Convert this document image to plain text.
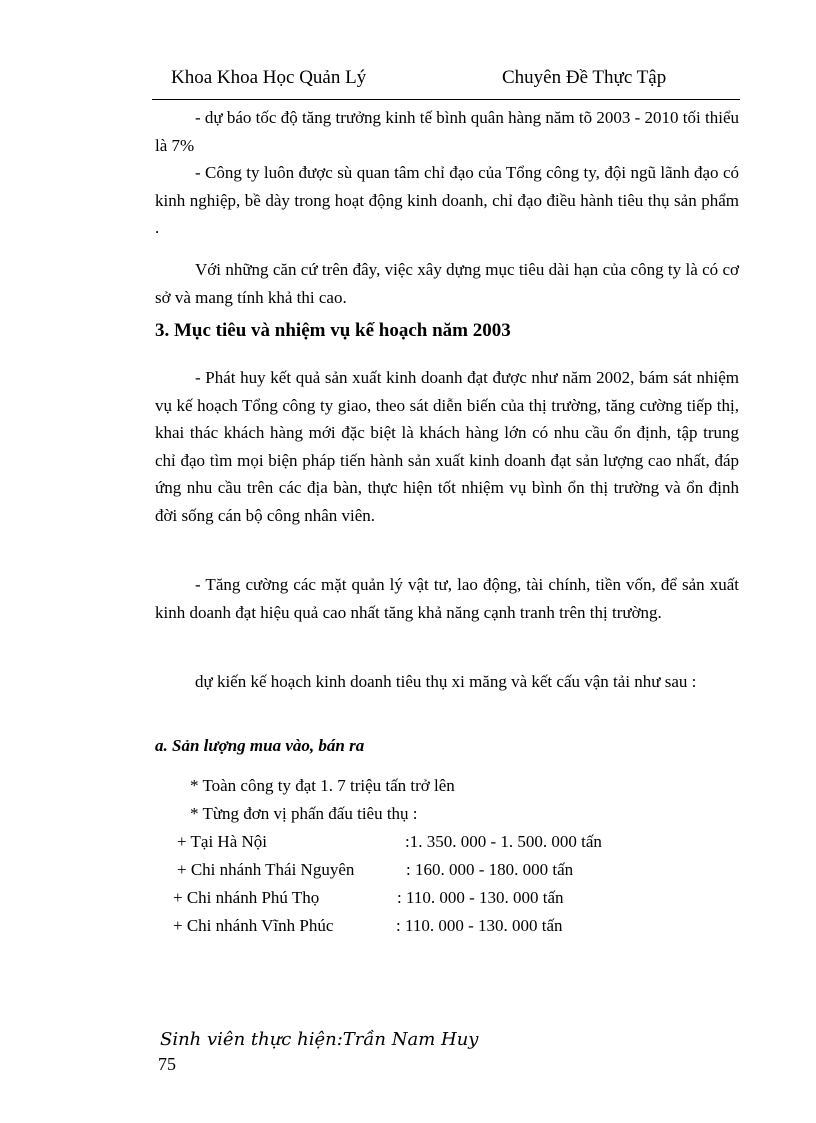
Khoa Khoa Học Quản Lý	Chuyên Đề Thực Tập

- dự báo tốc độ tăng trưởng kinh tế bình quân hàng năm tõ 2003 - 2010 tối thiểu là 7%

- Công ty luôn được sù quan tâm chỉ đạo của Tổng công ty, đội ngũ lãnh đạo có kinh nghiệp, bề dày trong hoạt động kinh doanh, chỉ đạo điều hành tiêu thụ sản phẩm .

Với những căn cứ trên đây, việc xây dựng mục tiêu dài hạn của công ty là có cơ sở và mang tính khả thi cao.

3. Mục tiêu và nhiệm vụ kế hoạch năm 2003

- Phát huy kết quả sản xuất kinh doanh đạt được như năm 2002, bám sát nhiệm vụ kế hoạch Tổng công ty giao, theo sát diễn biến của thị trường, tăng cường tiếp thị, khai thác khách hàng mới đặc biệt là khách hàng lớn có nhu cầu ổn định, tập trung chỉ đạo tìm mọi biện pháp tiến hành sản xuất kinh doanh đạt sản lượng cao nhất, đáp ứng nhu cầu trên các địa bàn, thực hiện tốt nhiệm vụ bình ổn thị trường và ổn định đời sống cán bộ công nhân viên.

- Tăng cường các mặt quản lý vật tư, lao động, tài chính, tiền vốn, để sản xuất kinh doanh đạt hiệu quả cao nhất tăng khả năng cạnh tranh trên thị trường.

dự kiến kế hoạch kinh doanh tiêu thụ xi măng và kết cấu vận tải như sau :

a. Sản lượng mua vào, bán ra
* Toàn công ty đạt 1. 7 triệu tấn trở lên
* Từng đơn vị phấn đấu tiêu thụ :
+ Tại Hà Nội	:1. 350. 000 - 1. 500. 000 tấn
+ Chi nhánh Thái Nguyên	: 160. 000 - 180. 000 tấn
+ Chi nhánh Phú Thọ	: 110. 000 - 130. 000 tấn
+ Chi nhánh Vĩnh Phúc	: 110. 000 - 130. 000 tấn
Sinh viên thực hiện:Trần Nam Huy
75
